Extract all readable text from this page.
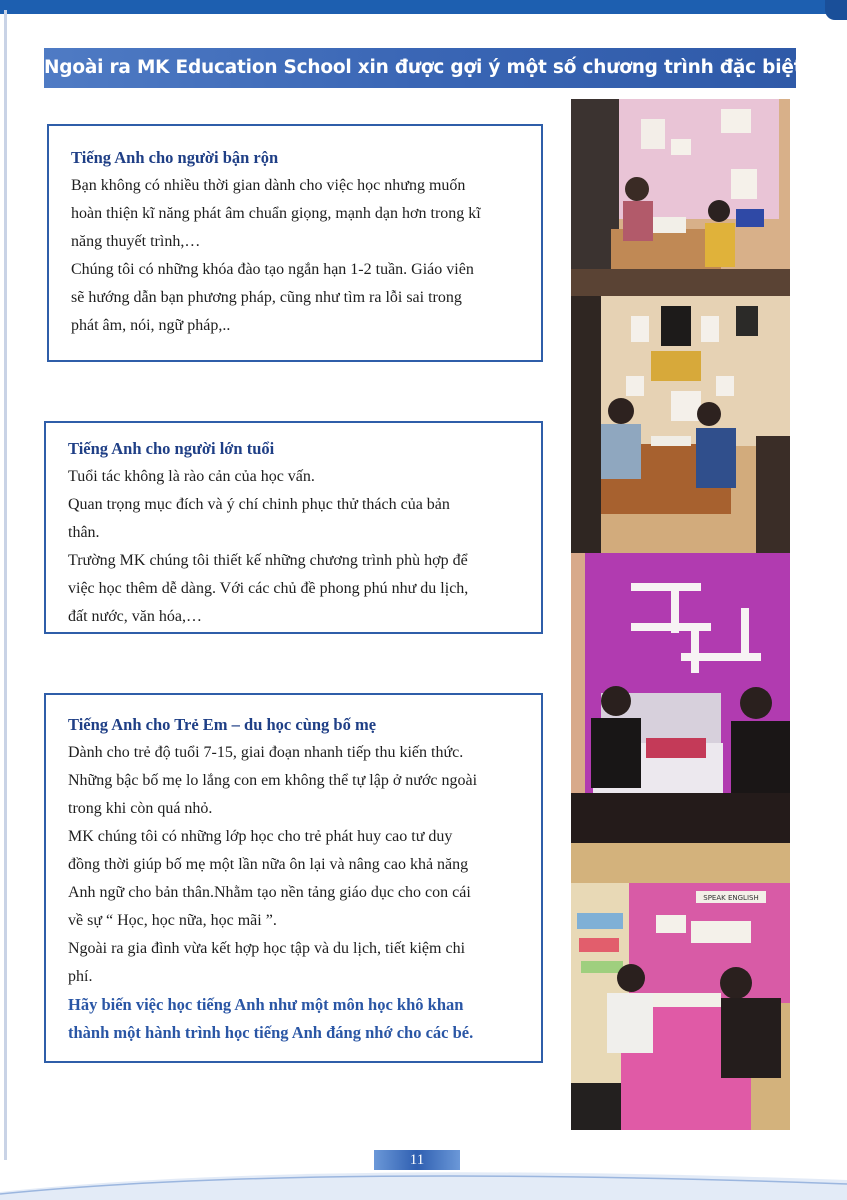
Ngoài ra MK Education School xin được gợi ý một số chương trình đặc biệt

Tiếng Anh cho người bận rộn

Bạn không có nhiều thời gian dành cho việc học nhưng muốn

hoàn thiện kĩ năng phát âm chuẩn giọng, mạnh dạn hơn trong kĩ

năng thuyết trình,…

Chúng tôi có những khóa đào tạo ngắn hạn 1-2 tuần. Giáo viên

sẽ hướng dẫn bạn phương pháp, cũng như tìm ra lỗi sai trong

phát âm, nói, ngữ pháp,..

Tiếng Anh cho người lớn tuổi

Tuổi tác không là rào cản của học vấn.

Quan trọng mục đích và ý chí chinh phục thử thách của bản

thân.

Trường MK chúng tôi thiết kế những chương trình phù hợp để

việc học thêm dễ dàng. Với các chủ đề phong phú như du lịch,

đất nước, văn hóa,…

Tiếng Anh cho Trẻ Em – du học cùng bố mẹ

Dành cho trẻ độ tuổi 7-15, giai đoạn nhanh tiếp thu kiến thức.

Những bậc bố mẹ lo lắng con em không thể tự lập ở nước ngoài

trong khi còn quá nhỏ.

MK chúng tôi có những lớp học cho trẻ phát huy cao tư duy

đồng thời giúp bố mẹ một lần nữa ôn lại và nâng cao khả năng

Anh ngữ cho bản thân.Nhằm tạo nền tảng giáo dục cho con cái

về sự “ Học, học nữa, học mãi ”.

Ngoài ra gia đình vừa kết hợp học tập và du lịch, tiết kiệm chi

phí.

Hãy biến việc học tiếng Anh như một môn học khô khan

thành một hành trình học tiếng Anh đáng nhớ cho các bé.

SPEAK ENGLISH
11
